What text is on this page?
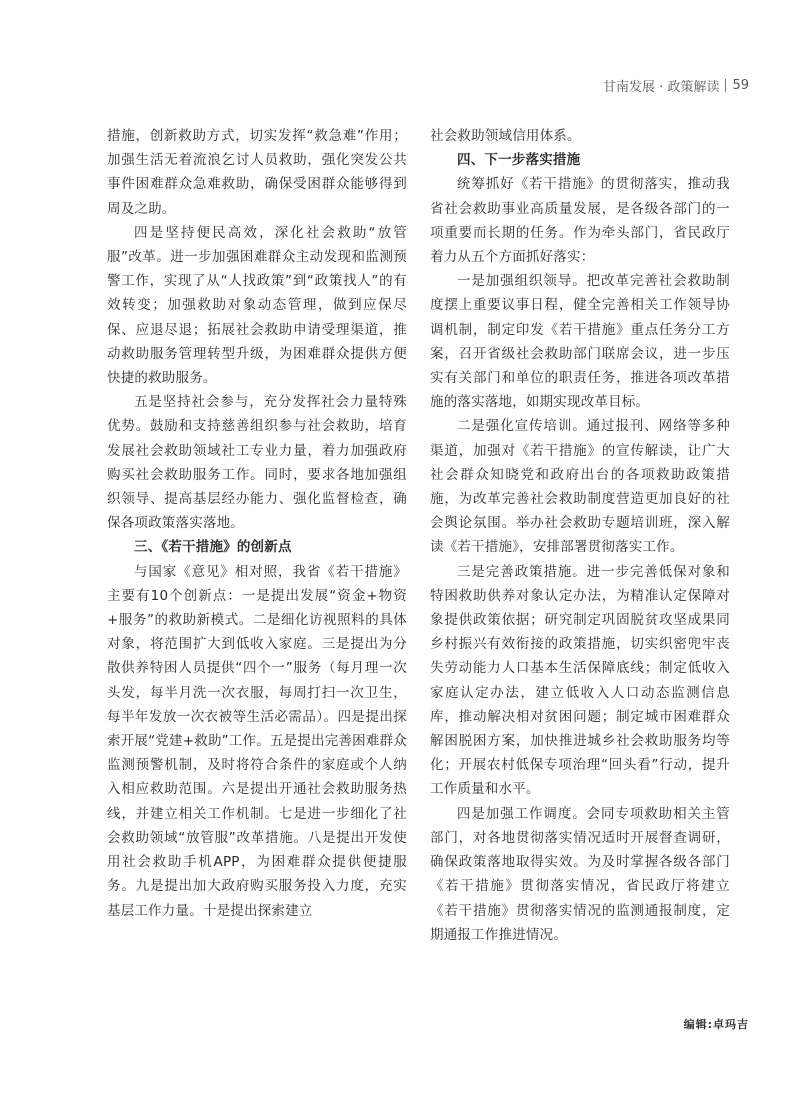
甘南发展 · 政策解读 59

措施，创新救助方式，切实发挥“救急难”作用；加强生活无着流浪乞讨人员救助，强化突发公共事件困难群众急难救助，确保受困群众能够得到周及之助。

四是坚持便民高效，深化社会救助“放管服”改革。进一步加强困难群众主动发现和监测预警工作，实现了从“人找政策”到“政策找人”的有效转变；加强救助对象动态管理，做到应保尽保、应退尽退；拓展社会救助申请受理渠道，推动救助服务管理转型升级，为困难群众提供方便快捷的救助服务。

五是坚持社会参与，充分发挥社会力量特殊优势。鼓励和支持慈善组织参与社会救助，培育发展社会救助领域社工专业力量，着力加强政府购买社会救助服务工作。同时，要求各地加强组织领导、提高基层经办能力、强化监督检查，确保各项政策落实落地。

三、《若干措施》的创新点

与国家《意见》相对照，我省《若干措施》主要有10个创新点：一是提出发展“资金+物资+服务”的救助新模式。二是细化访视照料的具体对象，将范围扩大到低收入家庭。三是提出为分散供养特困人员提供“四个一”服务（每月理一次头发，每半月洗一次衣服，每周打扫一次卫生，每半年发放一次衣被等生活必需品）。四是提出探索开展“党建+救助”工作。五是提出完善困难群众监测预警机制，及时将符合条件的家庭或个人纳入相应救助范围。六是提出开通社会救助服务热线，并建立相关工作机制。七是进一步细化了社会救助领域“放管服”改革措施。八是提出开发使用社会救助手机APP，为困难群众提供便捷服务。九是提出加大政府购买服务投入力度，充实基层工作力量。十是提出探索建立

社会救助领域信用体系。

四、下一步落实措施

统筹抓好《若干措施》的贯彻落实，推动我省社会救助事业高质量发展，是各级各部门的一项重要而长期的任务。作为牵头部门，省民政厅着力从五个方面抓好落实：

一是加强组织领导。把改革完善社会救助制度摆上重要议事日程，健全完善相关工作领导协调机制，制定印发《若干措施》重点任务分工方案，召开省级社会救助部门联席会议，进一步压实有关部门和单位的职责任务，推进各项改革措施的落实落地，如期实现改革目标。

二是强化宣传培训。通过报刊、网络等多种渠道，加强对《若干措施》的宣传解读，让广大社会群众知晓党和政府出台的各项救助政策措施，为改革完善社会救助制度营造更加良好的社会舆论氛围。举办社会救助专题培训班，深入解读《若干措施》，安排部署贯彻落实工作。

三是完善政策措施。进一步完善低保对象和特困救助供养对象认定办法，为精准认定保障对象提供政策依据；研究制定巩固脱贫攻坚成果同乡村振兴有效衔接的政策措施，切实织密兜牢丧失劳动能力人口基本生活保障底线；制定低收入家庭认定办法，建立低收入人口动态监测信息库，推动解决相对贫困问题；制定城市困难群众解困脱困方案，加快推进城乡社会救助服务均等化；开展农村低保专项治理“回头看”行动，提升工作质量和水平。

四是加强工作调度。会同专项救助相关主管部门，对各地贯彻落实情况适时开展督查调研，确保政策落地取得实效。为及时掌握各级各部门《若干措施》贯彻落实情况，省民政厅将建立《若干措施》贯彻落实情况的监测通报制度，定期通报工作推进情况。

编辑:卓玛吉
